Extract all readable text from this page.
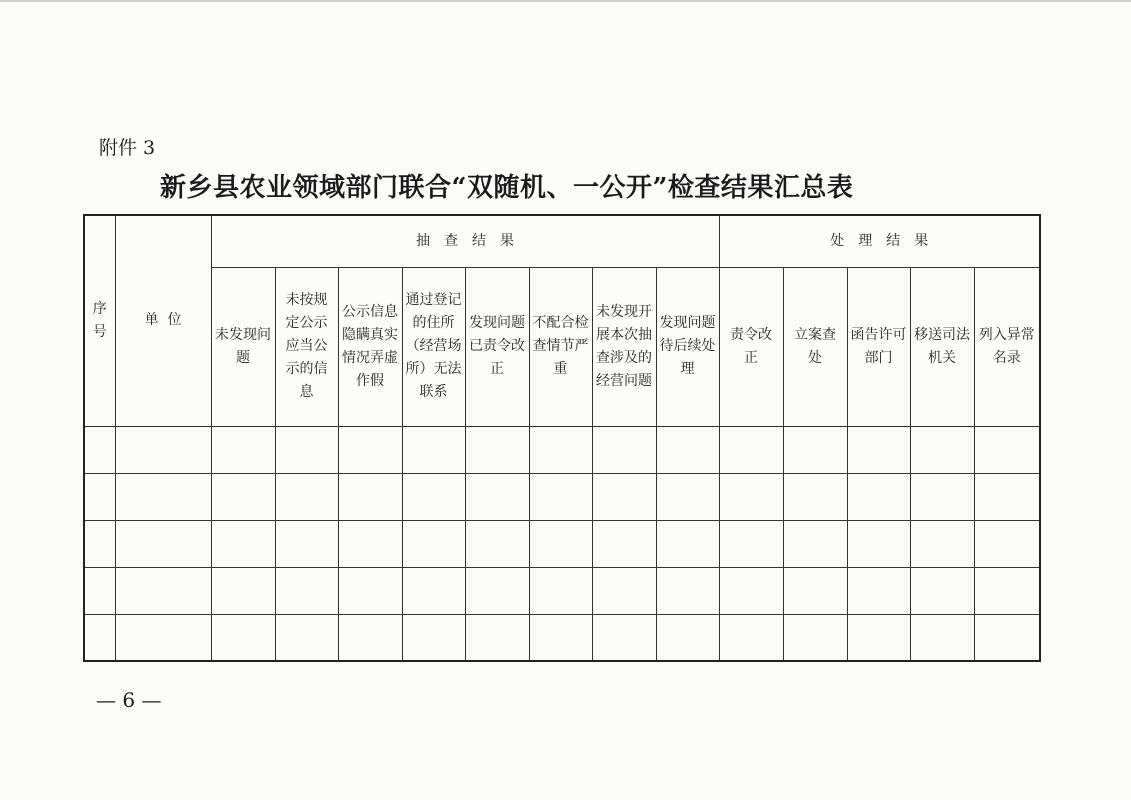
附件 3
新乡县农业领域部门联合“双随机、一公开”检查结果汇总表
序号	单  位	抽查结果								处理结果				
		未发现问题	未按规定公示应当公示的信息	公示信息隐瞒真实情况弄虚作假	通过登记的住所（经营场所）无法联系	发现问题已责令改正	不配合检查情节严重	未发现开展本次抽查涉及的经营问题	发现问题待后续处理	责令改正	立案查处	函告许可部门	移送司法机关	列入异常名录

— 6 —
